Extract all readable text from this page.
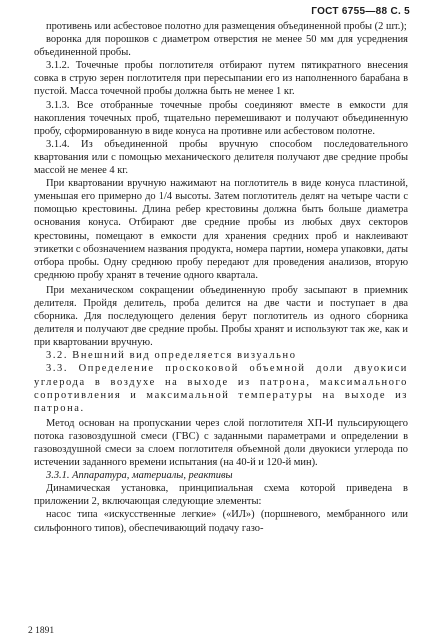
ГОСТ 6755—88 С. 5

противень или асбестовое полотно для размещения объединенной пробы (2 шт.);

воронка для порошков с диаметром отверстия не менее 50 мм для усреднения объединенной пробы.

3.1.2. Точечные пробы поглотителя отбирают путем пятикратного внесения совка в струю зерен поглотителя при пересыпании его из наполненного барабана в пустой. Масса точечной пробы должна быть не менее 1 кг.

3.1.3. Все отобранные точечные пробы соединяют вместе в емкости для накопления точечных проб, тщательно перемешивают и получают объединенную пробу, сформированную в виде конуса на противне или асбестовом полотне.

3.1.4. Из объединенной пробы вручную способом последовательного квартования или с помощью механического делителя получают две средние пробы массой не менее 4 кг.

При квартовании вручную нажимают на поглотитель в виде конуса пластиной, уменьшая его примерно до 1/4 высоты. Затем поглотитель делят на четыре части с помощью крестовины. Длина ребер крестовины должна быть больше диаметра основания конуса. Отбирают две средние пробы из любых двух секторов крестовины, помещают в емкости для хранения средних проб и наклеивают этикетки с обозначением названия продукта, номера партии, номера упаковки, даты отбора пробы. Одну среднюю пробу передают для проведения анализов, вторую среднюю пробу хранят в течение одного квартала.

При механическом сокращении объединенную пробу засыпают в приемник делителя. Пройдя делитель, проба делится на две части и поступает в два сборника. Для последующего деления берут поглотитель из одного сборника делителя и получают две средние пробы. Пробы хранят и используют так же, как и при квартовании вручную.

3.2. Внешний вид определяется визуально

3.3. Определение проскоковой объемной доли двуокиси углерода в воздухе на выходе из патрона, максимального сопротивления и максимальной температуры на выходе из патрона.

Метод основан на пропускании через слой поглотителя ХП-И пульсирующего потока газовоздушной смеси (ГВС) с заданными параметрами и определении в газовоздушной смеси за слоем поглотителя объемной доли двуокиси углерода по истечении заданного времени испытания (на 40-й и 120-й мин).

3.3.1. Аппаратура, материалы, реактивы

Динамическая установка, принципиальная схема которой приведена в приложении 2, включающая следующие элементы:

насос типа «искусственные легкие» («ИЛ») (поршневого, мембранного или сильфонного типов), обеспечивающий подачу газо-

2 1891
